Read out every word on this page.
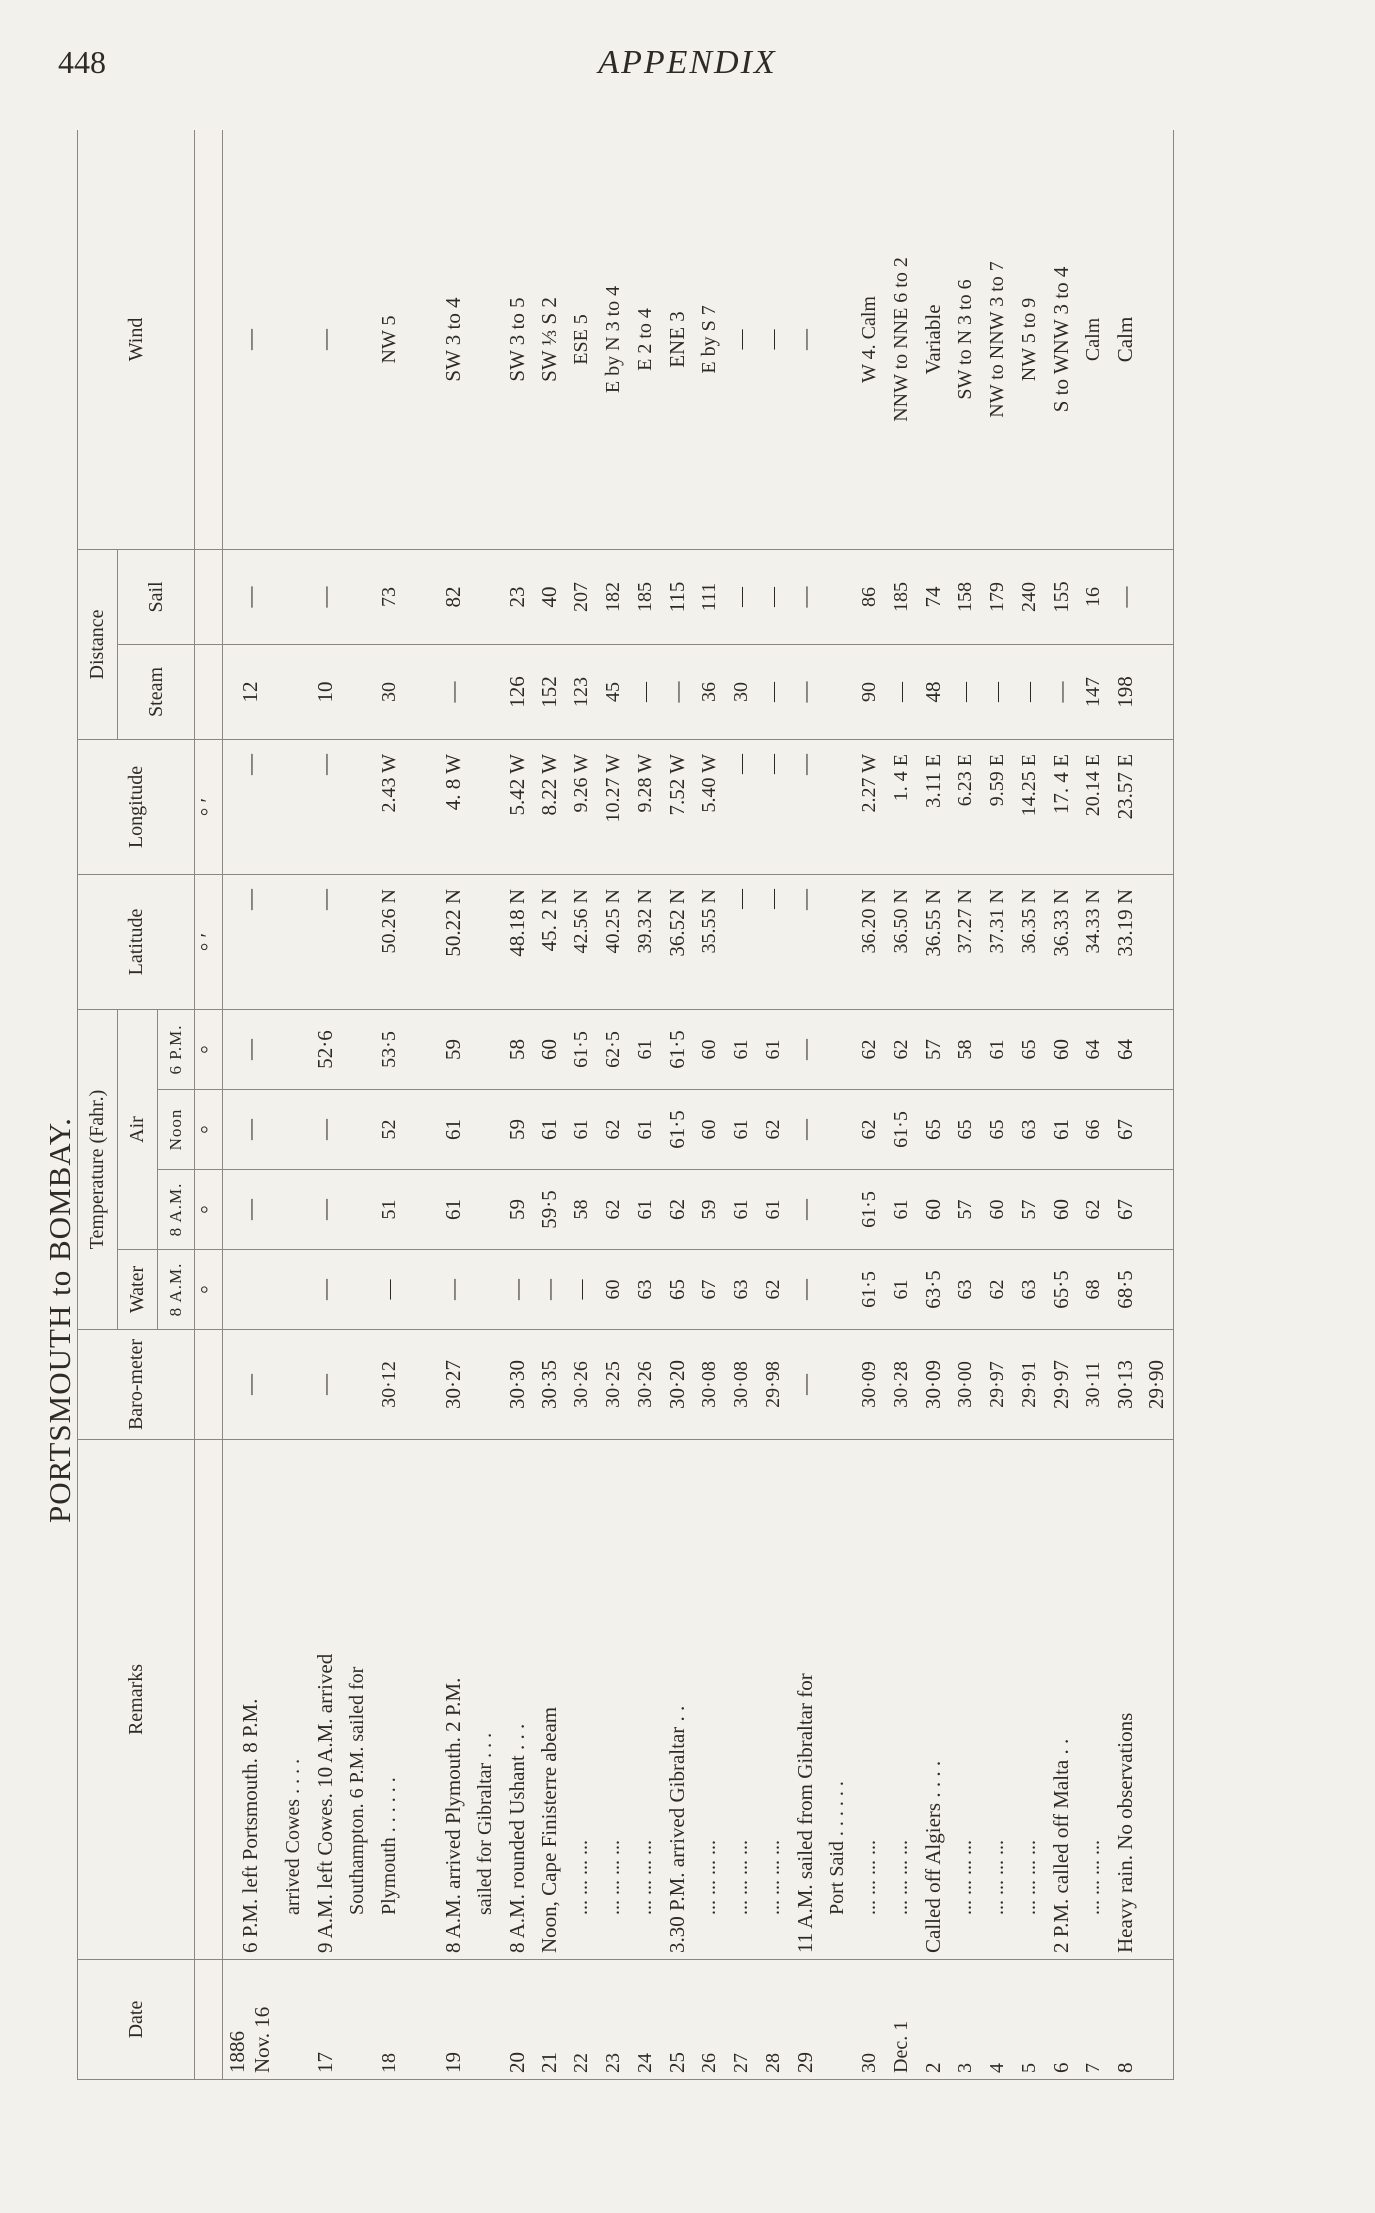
448	APPENDIX
PORTSMOUTH to BOMBAY.
Date	Remarks	Baro-meter	Temperature (Fahr.)				Latitude	Longitude	Distance		Wind
			Water	Air					Steam	Sail	
			8 A.M.	8 A.M.	Noon	6 P.M.					
			°	°	°	°	° ′	° ′			
1886
Nov. 16	6 P.M. left Portsmouth. 8 P.M.	—		—	—	—	—	—	12	—	—
	arrived Cowes . . . .										
17	9 A.M. left Cowes. 10 A.M. arrived	—	—	—	—	52·6	—	—	10	—	—
	Southampton. 6 P.M. sailed for										
18	Plymouth . . . . . .	30·12	—	51	52	53·5	50.26 N	2.43 W	30	73	NW 5

19	8 A.M. arrived Plymouth. 2 P.M.	30·27	—	61	61	59	50.22 N	4. 8 W	—	82	SW 3 to 4
	sailed for Gibraltar . . .										
20	8 A.M. rounded Ushant . . .	30·30	—	59	59	58	48.18 N	5.42 W	126	23	SW 3 to 5
21	Noon, Cape Finisterre abeam	30·35	—	59·5	61	60	45. 2 N	8.22 W	152	40	SW ⅓ S 2
22	... ... ... ...	30·26	—	58	61	61·5	42.56 N	9.26 W	123	207	ESE 5
23	... ... ... ...	30·25	60	62	62	62·5	40.25 N	10.27 W	45	182	E by N 3 to 4
24	... ... ... ...	30·26	63	61	61	61	39.32 N	9.28 W	—	185	E 2 to 4
25	3.30 P.M. arrived Gibraltar . .	30·20	65	62	61·5	61·5	36.52 N	7.52 W	—	115	ENE 3
26	... ... ... ...	30·08	67	59	60	60	35.55 N	5.40 W	36	111	E by S 7
27	... ... ... ...	30·08	63	61	61	61	—	—	30	—	—
28	... ... ... ...	29·98	62	61	62	61	—	—	—	—	—
29	11 A.M. sailed from Gibraltar for	—	—	—	—	—	—	—	—	—	—
	Port Said . . . . . .										
30	... ... ... ...	30·09	61·5	61·5	62	62	36.20 N	2.27 W	90	86	W 4. Calm
Dec. 1	... ... ... ...	30·28	61	61	61·5	62	36.50 N	1. 4 E	—	185	NNW to NNE 6 to 2
2	Called off Algiers . . . .	30·09	63·5	60	65	57	36.55 N	3.11 E	48	74	Variable
3	... ... ... ...	30·00	63	57	65	58	37.27 N	6.23 E	—	158	SW to N 3 to 6
4	... ... ... ...	29·97	62	60	65	61	37.31 N	9.59 E	—	179	NW to NNW 3 to 7
5	... ... ... ...	29·91	63	57	63	65	36.35 N	14.25 E	—	240	NW 5 to 9
6	2 P.M. called off Malta . .	29·97	65·5	60	61	60	36.33 N	17. 4 E	—	155	S to WNW 3 to 4
7	... ... ... ...	30·11	68	62	66	64	34.33 N	20.14 E	147	16	Calm
8	Heavy rain. No observations	30·13	68·5	67	67	64	33.19 N	23.57 E	198	—	Calm
		29·90									
